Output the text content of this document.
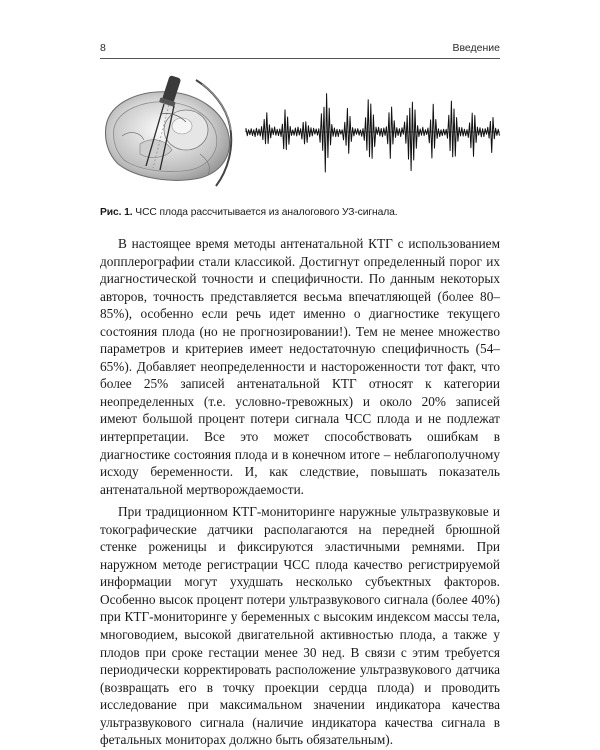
8	Введение
Рис. 1. ЧСС плода рассчитывается из аналогового УЗ-сигнала.

В настоящее время методы антенатальной КТГ с использованием допплерографии стали классикой. Достигнут определенный порог их диагностической точности и специфичности. По данным некоторых авторов, точность представляется весьма впечатляющей (более 80–85%), особенно если речь идет именно о диагностике текущего состояния плода (но не прогнозировании!). Тем не менее множество параметров и критериев имеет недостаточную специфичность (54–65%). Добавляет неопределенности и настороженности тот факт, что более 25% записей антенатальной КТГ относят к категории неопределенных (т.е. условно-тревожных) и около 20% записей имеют большой процент потери сигнала ЧСС плода и не подлежат интерпретации. Все это может способствовать ошибкам в диагностике состояния плода и в конечном итоге – неблагополучному исходу беременности. И, как следствие, повышать показатель антенатальной мертворождаемости.

При традиционном КТГ-мониторинге наружные ультразвуковые и токографические датчики располагаются на передней брюшной стенке роженицы и фиксируются эластичными ремнями. При наружном методе регистрации ЧСС плода качество регистрируемой информации могут ухудшать несколько субъектных факторов. Особенно высок процент потери ультразвукового сигнала (более 40%) при КТГ-мониторинге у беременных с высоким индексом массы тела, многоводием, высокой двигательной активностью плода, а также у плодов при сроке гестации менее 30 нед. В связи с этим требуется периодически корректировать расположение ультразвукового датчика (возвращать его в точку проекции сердца плода) и проводить исследование при максимальном значении индикатора качества ультразвукового сигнала (наличие индикатора качества сигнала в фетальных мониторах должно быть обязательным).
